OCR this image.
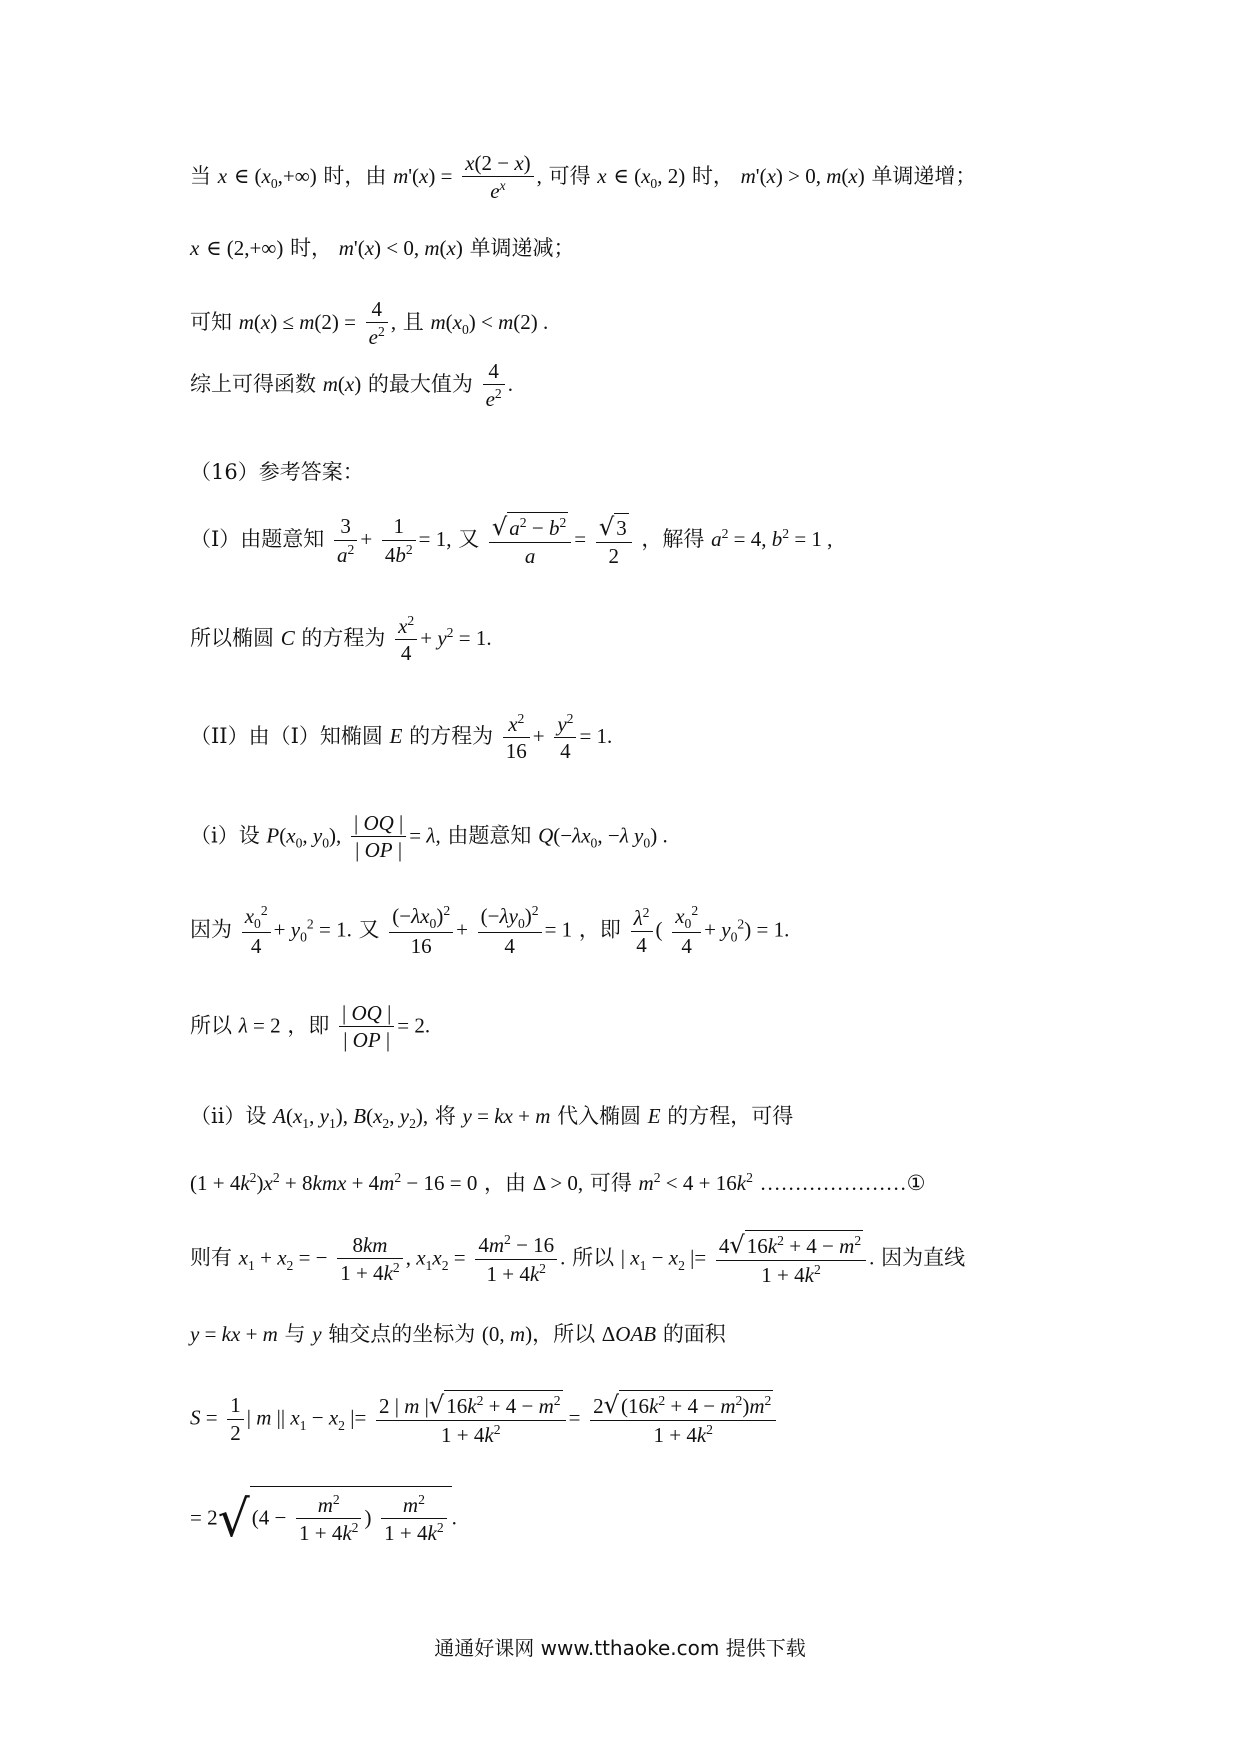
当 x ∈ $(x_0,+\infty)$ 时，由 $m'(x) = \frac{x(2 - x)}{e^x}$ , 可得 x ∈ ($x_0$, 2) 时， m'(x) > 0, m(x) 单调递增；
x ∈ (2,+∞) 时， m'(x) < 0, m(x) 单调递减；
可知 $m(x) \le m(2) = \frac{4}{e^2}$ , 且 $m(x_0) < m(2)$ .
综上可得函数 m(x) 的最大值为 $\frac{4}{e^2}$ .
（16）参考答案：
（I）由题意知 $\frac{3}{a^2} + \frac{1}{4b^2} = 1$, 又 $\frac{√a^2 - b^2}{a} = \frac{√3}{2}$ ，解得 $a^2 = 4$, $b^2 = 1$ ,
所以椭圆 C 的方程为 $\frac{x^2}{4} + y^2 = 1$.
（II）由（I）知椭圆 E 的方程为 $\frac{x^2}{16} + \frac{y^2}{4} = 1$.
（i）设 $P(x_0$, $y_0$), $\frac{| OQ |}{| OP |} = \lambda$, 由题意知 $Q(-\lambda x_0$, −λ $y_0$) .
因为 $\frac{x_0^2}{4} + y_0^2 = 1$. 又 $\frac{(-\lambda x_0)^2}{16} + \frac{(-\lambda y_0)^2}{4} = 1$ ，即 $\frac{\lambda^2}{4}$ ( $\frac{x_0^2}{4} + y_0^2) = 1$.
所以 λ = 2 ，即 $\frac{| OQ |}{| OP |} = 2$.
（ii）设 $A(x_1$, $y_1$), $B(x_2$, $y_2$), 将 y = kx + m 代入椭圆 E 的方程，可得
$(1 + 4k^2)x^2 + 8kmx + 4m^2 - 16 = 0$ ，由 Δ > 0, 可得 $m^2 < 4 + 16k^2$ …………………①
则有 $x_1 + x_2$ = − $\frac{8km}{1 + 4k^2}$ , $x_1x_2 = \frac{4m^2 - 16}{1 + 4k^2}$ . 所以 | $x_1 - x_2$ |= $\frac{4√16k^2 + 4 - m^2}{1 + 4k^2}$ . 因为直线
y = kx + m 与 y 轴交点的坐标为 (0, m)，所以 ΔOAB 的面积
$S = \frac{1}{2}$ | m || $x_1 - x_2$ |= $\frac{2 | m |√16k^2 + 4 - m^2}{1 + 4k^2} = \frac{2√(16k^2 + 4 - m^2)m^2}{1 + 4k^2}$
= $2√(4 - \frac{m^2}{1 + 4k^2}$ ) $\frac{m^2}{1 + 4k^2}$ .
通通好课网 www.tthaoke.com 提供下载
